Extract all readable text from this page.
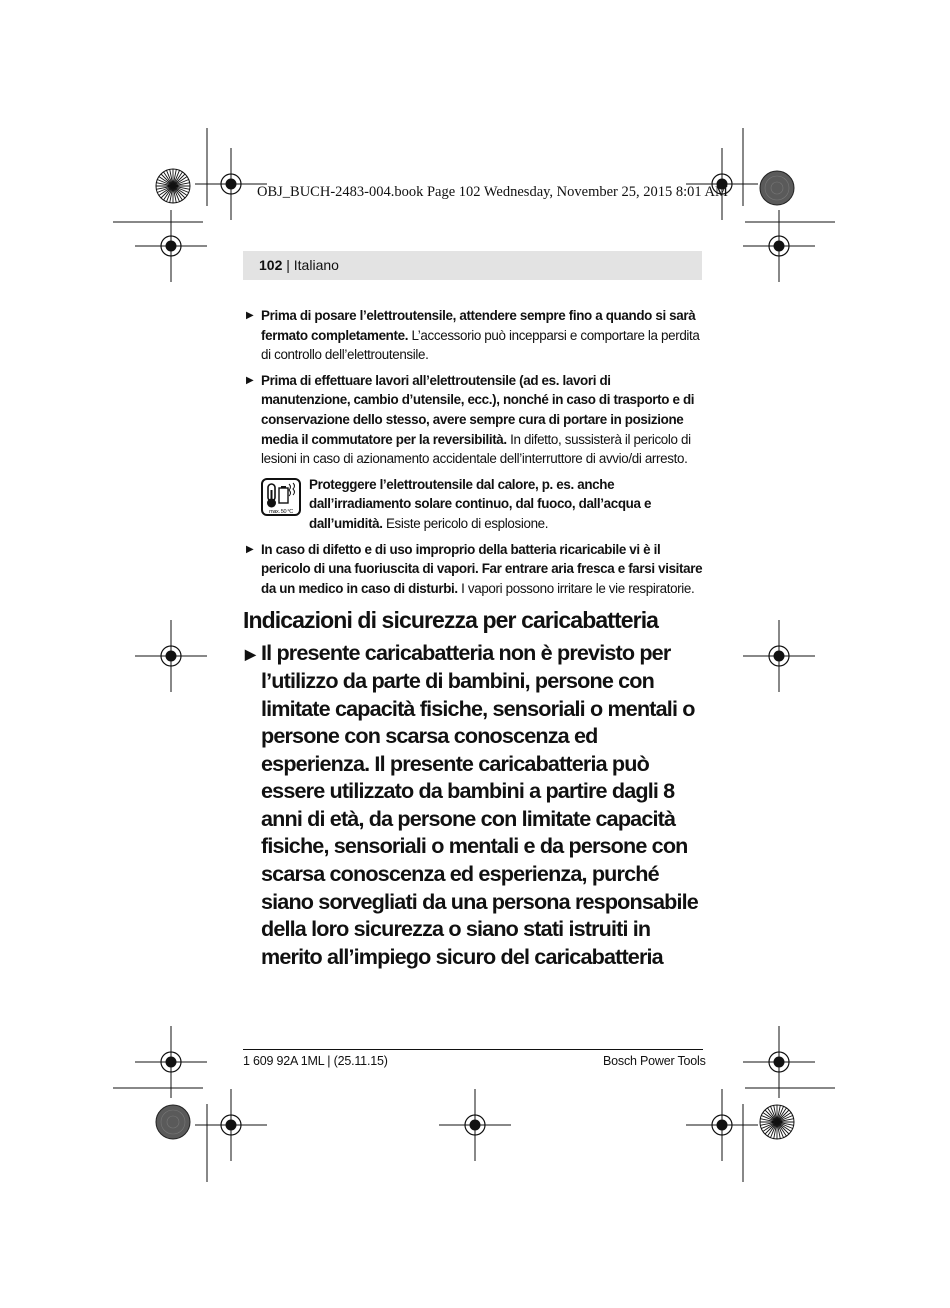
OBJ_BUCH-2483-004.book Page 102 Wednesday, November 25, 2015 8:01 AM
102 | Italiano
▶ Prima di posare l’elettroutensile, attendere sempre fino a quando si sarà fermato completamente. L’accessorio può incepparsi e comportare la perdita di controllo dell’elettroutensile.
▶ Prima di effettuare lavori all’elettroutensile (ad es. lavori di manutenzione, cambio d’utensile, ecc.), nonché in caso di trasporto e di conservazione dello stesso, avere sempre cura di portare in posizione media il commutatore per la reversibilità. In difetto, sussisterà il pericolo di lesioni in caso di azionamento accidentale dell’interruttore di avvio/di arresto.
max. 50 °C
Proteggere l’elettroutensile dal calore, p. es. anche dall’irradiamento solare continuo, dal fuoco, dall’acqua e dall’umidità. Esiste pericolo di esplosione.
▶ In caso di difetto e di uso improprio della batteria ricaricabile vi è il pericolo di una fuoriuscita di vapori. Far entrare aria fresca e farsi visitare da un medico in caso di disturbi. I vapori possono irritare le vie respiratorie.
Indicazioni di sicurezza per caricabatteria
▶ Il presente caricabatteria non è previsto per l’utilizzo da parte di bambini, persone con limitate capacità fisiche, sensoriali o mentali o persone con scarsa conoscenza ed esperienza. Il presente caricabatteria può essere utilizzato da bambini a partire dagli 8 anni di età, da persone con limitate capacità fisiche, sensoriali o mentali e da persone con scarsa conoscenza ed esperienza, purché siano sorvegliati da una persona responsabile della loro sicurezza o siano stati istruiti in merito all’impiego sicuro del caricabatteria
1 609 92A 1ML | (25.11.15)	Bosch Power Tools
